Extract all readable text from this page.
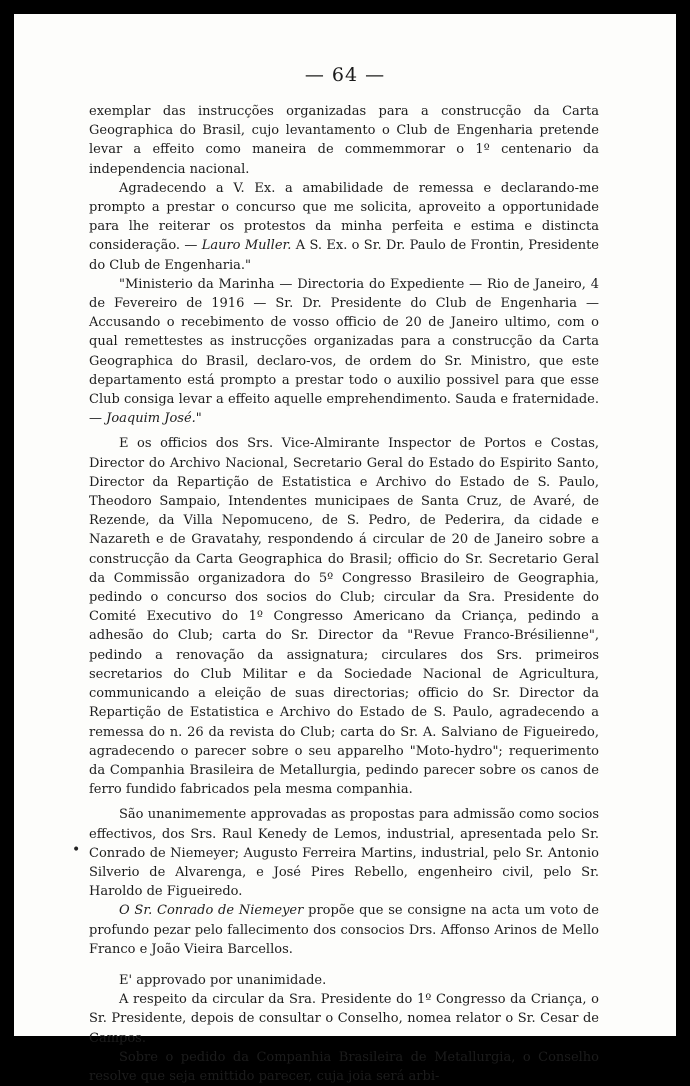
— 64 —

exemplar das instrucções organizadas para a construcção da Carta Geographica do Brasil, cujo levantamento o Club de Engenharia pretende levar a effeito como maneira de commemmorar o 1º centenario da independencia nacional.

Agradecendo a V. Ex. a amabilidade de remessa e declarando-me prompto a prestar o concurso que me solicita, aproveito a opportunidade para lhe reiterar os protestos da minha perfeita e estima e distincta consideração. — Lauro Muller. A S. Ex. o Sr. Dr. Paulo de Frontin, Presidente do Club de Engenharia."

"Ministerio da Marinha — Directoria do Expediente — Rio de Janeiro, 4 de Fevereiro de 1916 — Sr. Dr. Presidente do Club de Engenharia — Accusando o recebimento de vosso officio de 20 de Janeiro ultimo, com o qual remettestes as instrucções organizadas para a construcção da Carta Geographica do Brasil, declaro-vos, de ordem do Sr. Ministro, que este departamento está prompto a prestar todo o auxilio possivel para que esse Club consiga levar a effeito aquelle emprehendimento. Sauda e fraternidade. — Joaquim José."

E os officios dos Srs. Vice-Almirante Inspector de Portos e Costas, Director do Archivo Nacional, Secretario Geral do Estado do Espirito Santo, Director da Repartição de Estatistica e Archivo do Estado de S. Paulo, Theodoro Sampaio, Intendentes municipaes de Santa Cruz, de Avaré, de Rezende, da Villa Nepomuceno, de S. Pedro, de Pederira, da cidade e Nazareth e de Gravatahy, respondendo á circular de 20 de Janeiro sobre a construcção da Carta Geographica do Brasil; officio do Sr. Secretario Geral da Commissão organizadora do 5º Congresso Brasileiro de Geographia, pedindo o concurso dos socios do Club; circular da Sra. Presidente do Comité Executivo do 1º Congresso Americano da Criança, pedindo a adhesão do Club; carta do Sr. Director da "Revue Franco-Brésilienne", pedindo a renovação da assignatura; circulares dos Srs. primeiros secretarios do Club Militar e da Sociedade Nacional de Agricultura, communicando a eleição de suas directorias; officio do Sr. Director da Repartição de Estatistica e Archivo do Estado de S. Paulo, agradecendo a remessa do n. 26 da revista do Club; carta do Sr. A. Salviano de Figueiredo, agradecendo o parecer sobre o seu apparelho "Moto-hydro"; requerimento da Companhia Brasileira de Metallurgia, pedindo parecer sobre os canos de ferro fundido fabricados pela mesma companhia.

São unanimemente approvadas as propostas para admissão como socios effectivos, dos Srs. Raul Kenedy de Lemos, industrial, apresentada pelo Sr. Conrado de Niemeyer; Augusto Ferreira Martins, industrial, pelo Sr. Antonio Silverio de Alvarenga, e José Pires Rebello, engenheiro civil, pelo Sr. Haroldo de Figueiredo.

O Sr. Conrado de Niemeyer propõe que se consigne na acta um voto de profundo pezar pelo fallecimento dos consocios Drs. Affonso Arinos de Mello Franco e João Vieira Barcellos.

E' approvado por unanimidade.

A respeito da circular da Sra. Presidente do 1º Congresso da Criança, o Sr. Presidente, depois de consultar o Conselho, nomea relator o Sr. Cesar de Campos.

Sobre o pedido da Companhia Brasileira de Metallurgia, o Conselho resolve que seja emittido parecer, cuja joia será arbi-

•
